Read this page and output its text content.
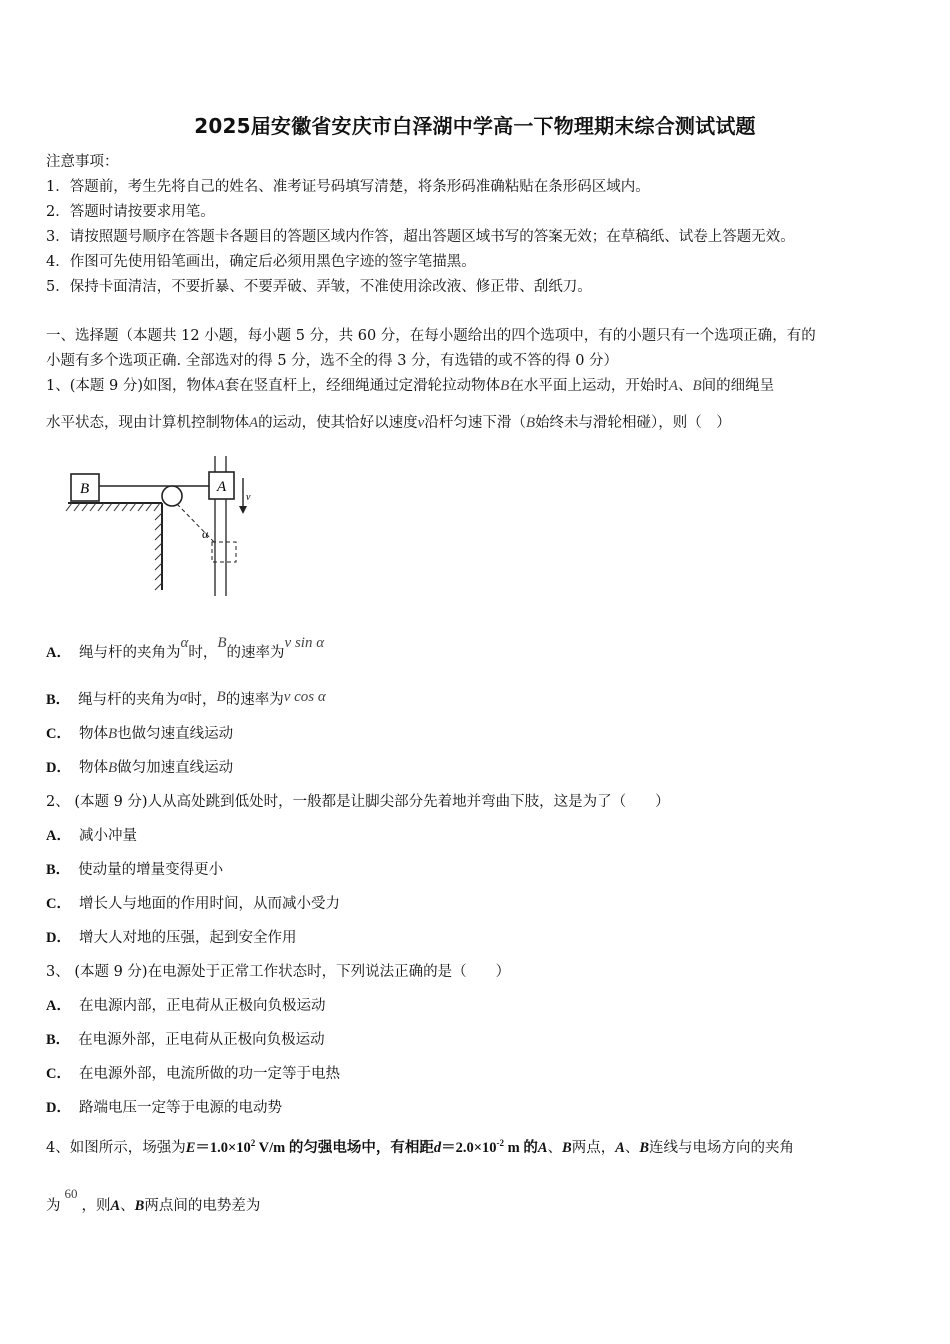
2025届安徽省安庆市白泽湖中学高一下物理期末综合测试试题
注意事项：
1．答题前，考生先将自己的姓名、准考证号码填写清楚，将条形码准确粘贴在条形码区域内。
2．答题时请按要求用笔。
3．请按照题号顺序在答题卡各题目的答题区域内作答，超出答题区域书写的答案无效；在草稿纸、试卷上答题无效。
4．作图可先使用铅笔画出，确定后必须用黑色字迹的签字笔描黑。
5．保持卡面清洁，不要折暴、不要弄破、弄皱，不准使用涂改液、修正带、刮纸刀。
一、选择题（本题共 12 小题，每小题 5 分，共 60 分，在每小题给出的四个选项中，有的小题只有一个选项正确，有的
小题有多个选项正确. 全部选对的得 5 分，选不全的得 3 分，有选错的或不答的得 0 分）
1、(本题 9 分)如图，物体A套在竖直杆上，经细绳通过定滑轮拉动物体B在水平面上运动，开始时A、B间的细绳呈
水平状态，现由计算机控制物体A的运动，使其恰好以速度v沿杆匀速下滑（B始终未与滑轮相碰），则（　）
B	A
v
α
A． 绳与杆的夹角为α时，B的速率为v sin α
B． 绳与杆的夹角为α时，B的速率为v cos α
C． 物体B也做匀速直线运动
D． 物体B做匀加速直线运动
2、 (本题 9 分)人从高处跳到低处时，一般都是让脚尖部分先着地并弯曲下肢，这是为了（　　）
A． 减小冲量
B． 使动量的增量变得更小
C． 增长人与地面的作用时间，从而减小受力
D． 增大人对地的压强，起到安全作用
3、 (本题 9 分)在电源处于正常工作状态时，下列说法正确的是（　　）
A． 在电源内部，正电荷从正极向负极运动
B． 在电源外部，正电荷从正极向负极运动
C． 在电源外部，电流所做的功一定等于电热
D． 路端电压一定等于电源的电动势
4、如图所示，场强为$E=1.0\times 10^2$ V/m 的匀强电场中，有相距$d=2.0\times 10^{-2}$ m 的A、B两点，A、B连线与电场方向的夹角
为60，则A、B两点间的电势差为
